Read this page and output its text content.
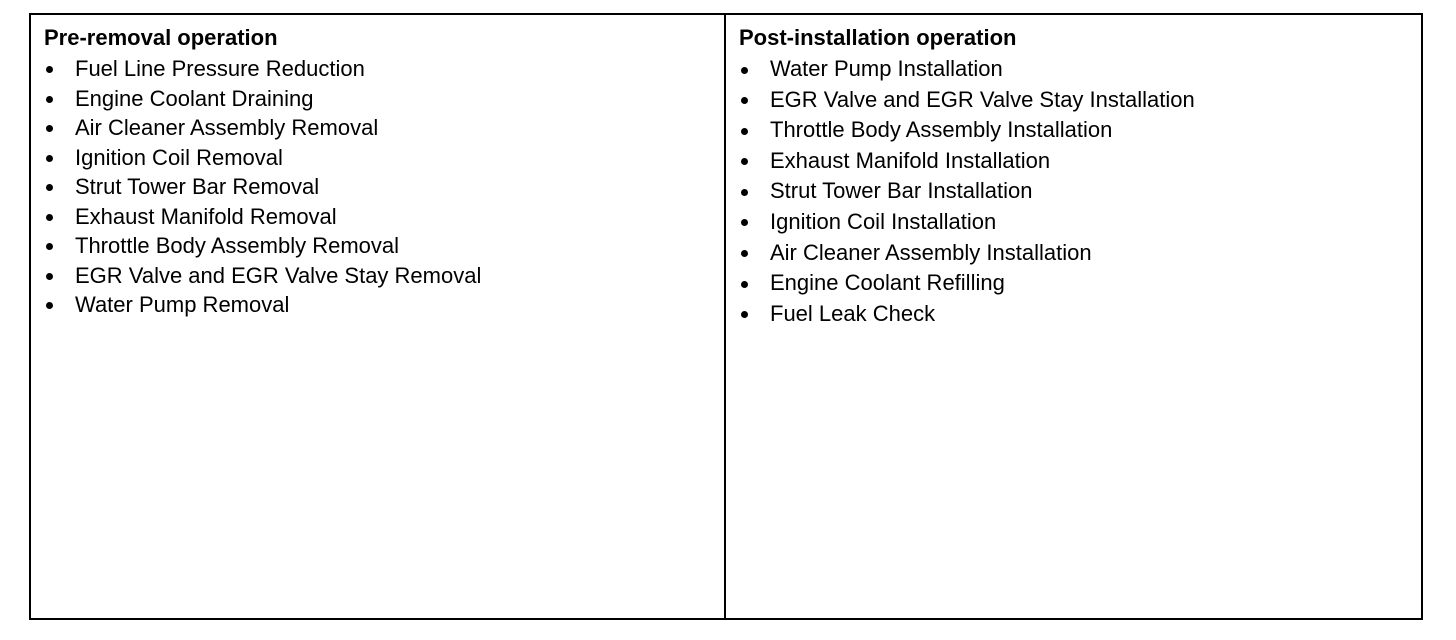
Pre-removal operation
Fuel Line Pressure Reduction
Engine Coolant Draining
Air Cleaner Assembly Removal
Ignition Coil Removal
Strut Tower Bar Removal
Exhaust Manifold Removal
Throttle Body Assembly Removal
EGR Valve and EGR Valve Stay Removal
Water Pump Removal
Post-installation operation
Water Pump Installation
EGR Valve and EGR Valve Stay Installation
Throttle Body Assembly Installation
Exhaust Manifold Installation
Strut Tower Bar Installation
Ignition Coil Installation
Air Cleaner Assembly Installation
Engine Coolant Refilling
Fuel Leak Check
